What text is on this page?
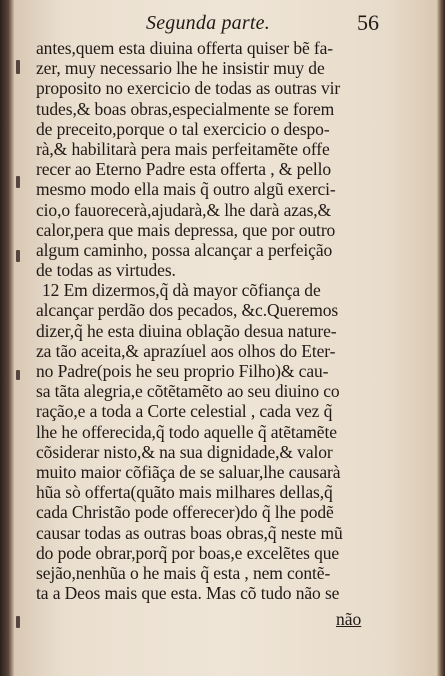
Segunda parte.	56
antes,quem esta diuina offerta quiser bẽ fa-
zer, muy necessario lhe he insistir muy de
proposito no exercicio de todas as outras vir
tudes,& boas obras,especialmente se forem
de preceito,porque o tal exercicio o despo-
rà,& habilitarà pera mais perfeitamẽte offe
recer ao Eterno Padre esta offerta , & pello
mesmo modo ella mais q̃ outro algũ exerci-
cio,o fauorecerà,ajudarà,& lhe darà azas,&
calor,pera que mais depressa, que por outro
algum caminho, possa alcançar a perfeição
de todas as virtudes.
12 Em dizermos,q̃ dà mayor cõfiança de
alcançar perdão dos pecados, &c.Queremos
dizer,q̃ he esta diuina oblação desua nature-
za tão aceita,& aprazíuel aos olhos do Eter-
no Padre(pois he seu proprio Filho)& cau-
sa tãta alegria,e cõtẽtamẽto ao seu diuino co
ração,e a toda a Corte celestial , cada vez q̃
lhe he offerecida,q̃ todo aquelle q̃ atẽtamẽte
cõsiderar nisto,& na sua dignidade,& valor
muito maior cõfiãça de se saluar,lhe causarà
hũa sò offerta(quãto mais milhares dellas,q̃
cada Christão pode offerecer)do q̃ lhe podẽ
causar todas as outras boas obras,q̃ neste mũ
do pode obrar,porq̃ por boas,e excelẽtes que
sejão,nenhũa o he mais q̃ esta , nem contẽ-
ta a Deos mais que esta. Mas cõ tudo não se
não
